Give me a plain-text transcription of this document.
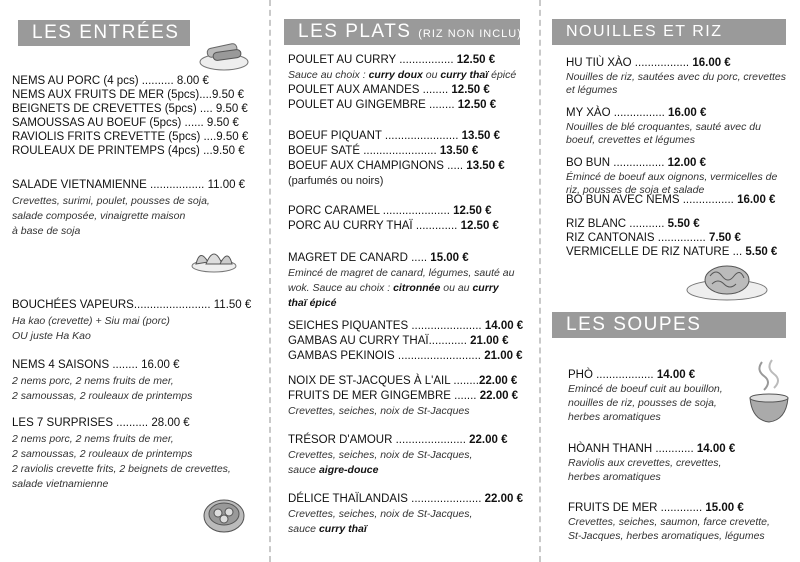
LES ENTRÉES
NEMS AU PORC (4 pcs) .......... 8.00 €
NEMS AUX FRUITS DE MER (5pcs)....9.50 €
BEIGNETS DE CREVETTES (5pcs) .... 9.50 €
SAMOUSSAS AU BOEUF (5pcs) ...... 9.50 €
RAVIOLIS FRITS CREVETTE (5pcs) ....9.50 €
ROULEAUX DE PRINTEMPS (4pcs) ...9.50 €
SALADE VIETNAMIENNE ................. 11.00 €
Crevettes, surimi, poulet, pousses de soja,
salade composée, vinaigrette maison
à base de soja
BOUCHÉES VAPEURS........................ 11.50 €
Ha kao (crevette) + Siu mai (porc)
OU juste Ha Kao
NEMS 4 SAISONS ........ 16.00 €
2 nems porc, 2 nems fruits de mer,
2 samoussas, 2 rouleaux de printemps
LES 7 SURPRISES .......... 28.00 €
2 nems porc, 2 nems fruits de mer,
2 samoussas, 2 rouleaux de printemps
2 raviolis crevette frits, 2 beignets de crevettes,
salade vietnamienne
LES PLATS (RIZ NON INCLU)
POULET AU CURRY ................. 12.50 €
Sauce au choix : curry doux ou curry thaï épicé
POULET AUX AMANDES ........ 12.50 €
POULET AU GINGEMBRE ........ 12.50 €
BOEUF PIQUANT ....................... 13.50 €
BOEUF SATÉ ....................... 13.50 €
BOEUF AUX CHAMPIGNONS ..... 13.50 €
(parfumés ou noirs)
PORC CARAMEL ..................... 12.50 €
PORC AU CURRY THAÏ ............. 12.50 €
MAGRET DE CANARD ..... 15.00 €
Emincé de magret de canard, légumes, sauté au
wok. Sauce au choix : citronnée ou au curry
thaï épicé
SEICHES PIQUANTES ...................... 14.00 €
GAMBAS AU CURRY THAÏ............ 21.00 €
GAMBAS PEKINOIS .......................... 21.00 €
NOIX DE ST-JACQUES À L'AIL ........22.00 €
FRUITS DE MER GINGEMBRE ....... 22.00 €
Crevettes, seiches, noix de St-Jacques
TRÉSOR D'AMOUR ...................... 22.00 €
Crevettes, seiches, noix de St-Jacques,
sauce aigre-douce
DÉLICE THAÏLANDAIS ...................... 22.00 €
Crevettes, seiches, noix de St-Jacques,
sauce curry thaï
NOUILLES ET RIZ
HU TIÙ XÀO ................. 16.00 €
Nouilles de riz, sautées avec du porc, crevettes
et légumes
MY XÀO ................ 16.00 €
Nouilles de blé croquantes, sauté avec du
boeuf, crevettes et légumes
BO BUN ................ 12.00 €
Émincé de boeuf aux oignons, vermicelles de
riz, pousses de soja et salade
BO BUN AVEC NEMS ................ 16.00 €
RIZ BLANC ........... 5.50 €
RIZ CANTONAIS ............... 7.50 €
VERMICELLE DE RIZ NATURE ... 5.50 €
LES SOUPES
PHÒ .................. 14.00 €
Emincé de boeuf cuit au bouillon,
nouilles de riz, pousses de soja,
herbes aromatiques
HÒANH THANH ............ 14.00 €
Raviolis aux crevettes, crevettes,
herbes aromatiques
FRUITS DE MER ............. 15.00 €
Crevettes, seiches, saumon, farce crevette,
St-Jacques, herbes aromatiques, légumes
